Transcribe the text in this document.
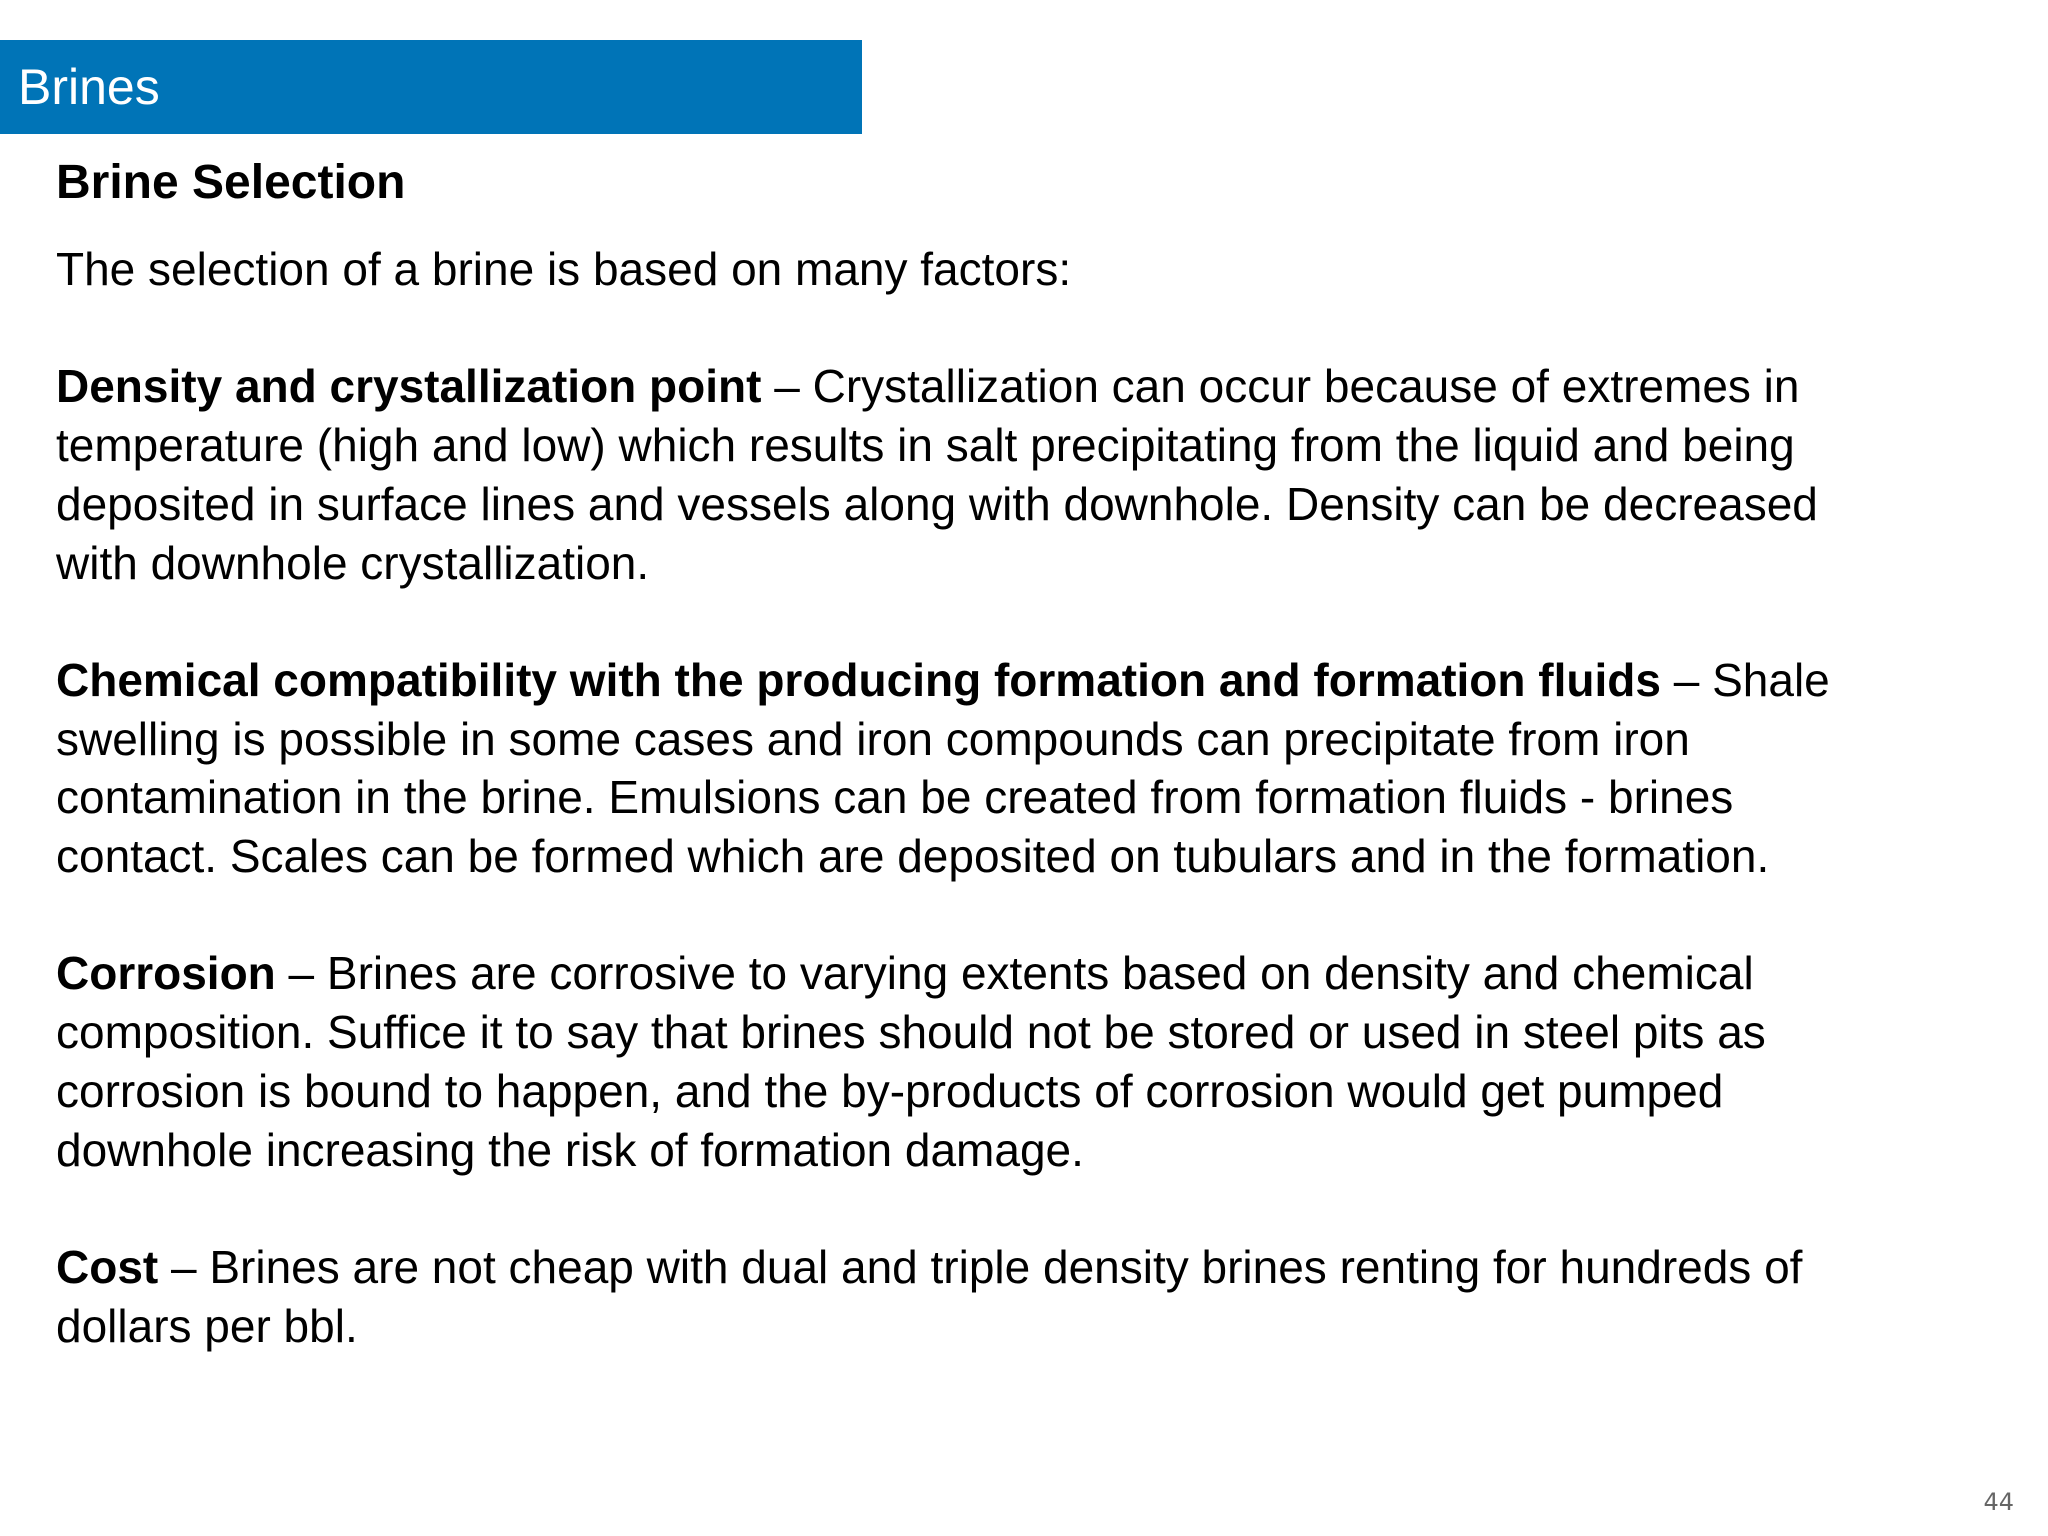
Brines
Brine Selection

The selection of a brine is based on many factors:

Density and crystallization point – Crystallization can occur because of extremes in
temperature (high and low) which results in salt precipitating from the liquid and being
deposited in surface lines and vessels along with downhole. Density can be decreased
with downhole crystallization.

Chemical compatibility with the producing formation and formation fluids – Shale
swelling is possible in some cases and iron compounds can precipitate from iron
contamination in the brine. Emulsions can be created from formation fluids - brines
contact. Scales can be formed which are deposited on tubulars and in the formation.

Corrosion – Brines are corrosive to varying extents based on density and chemical
composition. Suffice it to say that brines should not be stored or used in steel pits as
corrosion is bound to happen, and the by-products of corrosion would get pumped
downhole increasing the risk of formation damage.

Cost – Brines are not cheap with dual and triple density brines renting for hundreds of
dollars per bbl.

44
